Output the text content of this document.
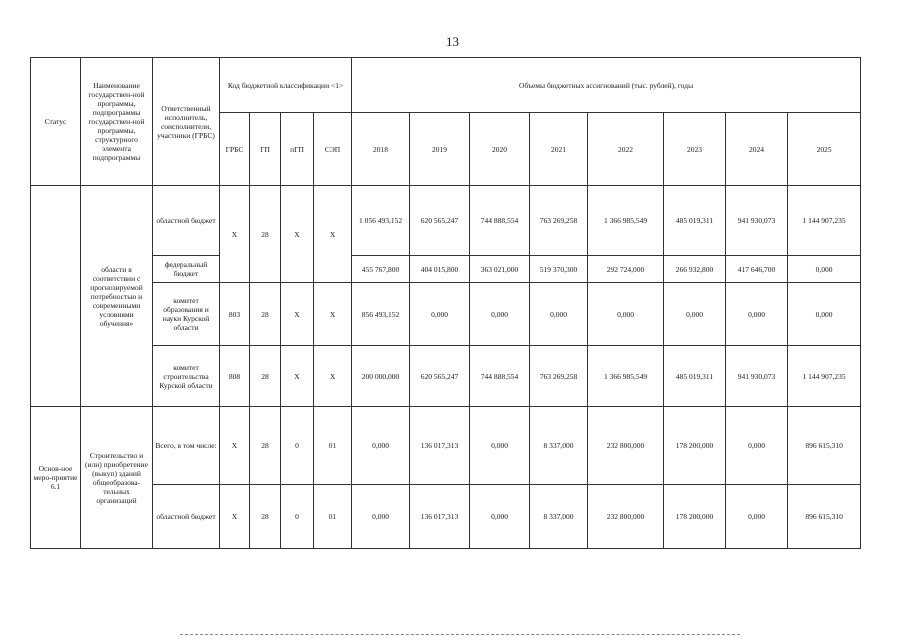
13
Статус	Наименование государствен-ной программы, подпрограммы государствен-ной программы, структурного элемента подпрограммы	Ответственный исполнитель, соисполнители, участники (ГРБС)	Код бюджетной классификации <1>				Объемы бюджетных ассигнований (тыс. рублей), годы							
			ГРБС	ГП	пГП	СЭП	2018	2019	2020	2021	2022	2023	2024	2025
	области в соответствии с прогнозируемой потребностью и современными условиями обучения»	областной бюджет	X	28	X	X	1 056 493,152	620 565,247	744 888,554	763 269,258	1 366 985,549	485 019,311	941 930,073	1 144 907,235
		федеральный бюджет					455 767,800	404 015,800	363 021,000	519 370,300	292 724,000	266 932,800	417 646,700	0,000
		комитет образования и науки Курской области	803	28	X	X	856 493,152	0,000	0,000	0,000	0,000	0,000	0,000	0,000
		комитет строительства Курской области	808	28	X	X	200 000,000	620 565,247	744 888,554	763 269,258	1 366 985,549	485 019,311	941 930,073	1 144 907,235
Основ-ное меро-приятие 6.1	Строительство и (или) приобретение (выкуп) зданий общеобразова-тельных организаций	Всего, в том числе:	X	28	0	01	0,000	136 017,313	0,000	8 337,000	232 800,000	178 200,000	0,000	896 615,310
		областной бюджет	X	28	0	01	0,000	136 017,313	0,000	8 337,000	232 800,000	178 200,000	0,000	896 615,310
